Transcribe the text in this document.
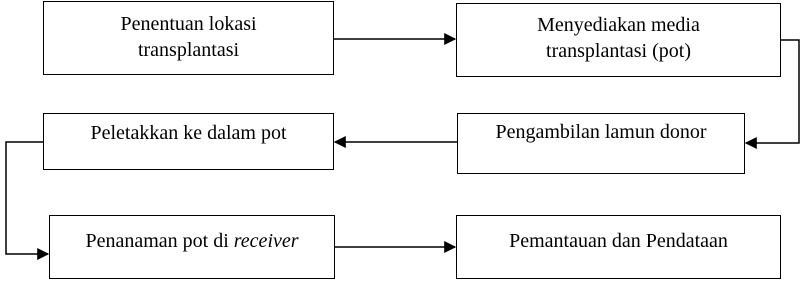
Penentuan lokasi
transplantasi
Menyediakan media
transplantasi (pot)
Peletakkan ke dalam pot	Pengambilan lamun donor
Penanaman pot di receiver	Pemantauan dan Pendataan
